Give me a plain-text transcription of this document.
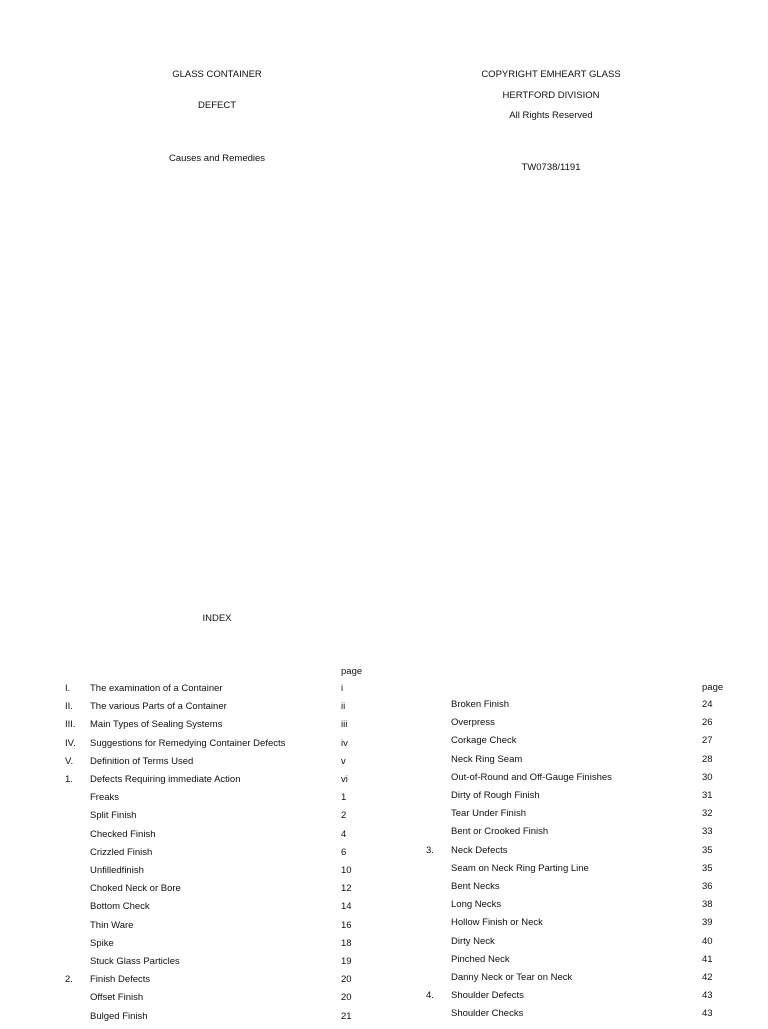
GLASS CONTAINER
DEFECT
Causes and Remedies
COPYRIGHT EMHEART GLASS
HERTFORD DIVISION
All Rights Reserved
TW0738/1191
INDEX
page
I. The examination of a Container	i
II. The various Parts of a Container	ii
III. Main Types of Sealing Systems	iii
IV. Suggestions for Remedying Container Defects	iv
V. Definition of Terms Used	v
1. Defects Requiring immediate Action	vi
Freaks	1
Split Finish	2
Checked Finish	4
Crizzled Finish	6
Unfilledfinish	10
Choked Neck or Bore	12
Bottom Check	14
Thin Ware	16
Spike	18
Stuck Glass Particles	19
2. Finish Defects	20
Offset Finish	20
Bulged Finish	21
page
Broken Finish	24
Overpress	26
Corkage Check	27
Neck Ring Seam	28
Out-of-Round and Off-Gauge Finishes	30
Dirty of Rough Finish	31
Tear Under Finish	32
Bent or Crooked Finish	33
3. Neck Defects	35
Seam on Neck Ring Parting Line	35
Bent Necks	36
Long Necks	38
Hollow Finish or Neck	39
Dirty Neck	40
Pinched Neck	41
Danny Neck or Tear on Neck	42
4. Shoulder Defects	43
Shoulder Checks	43
